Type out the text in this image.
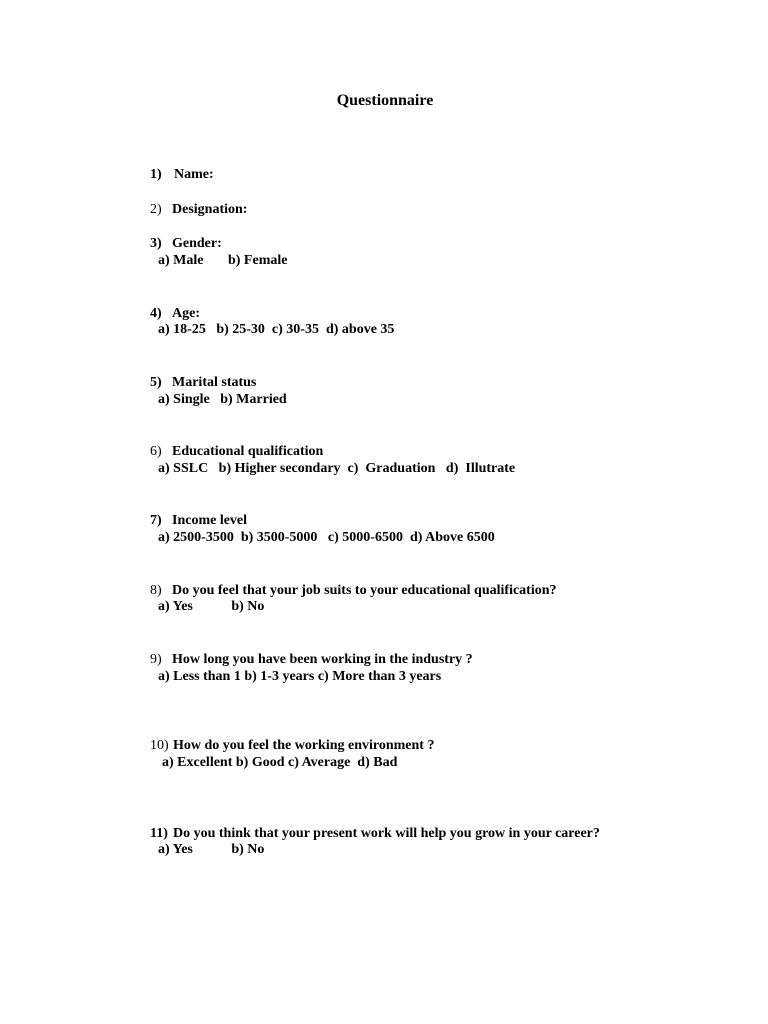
Questionnaire

1) Name:

2) Designation:

3) Gender:

a) Male       b) Female

4) Age:

a) 18-25   b) 25-30  c) 30-35  d) above 35

5) Marital status

a) Single   b) Married

6) Educational qualification

a) SSLC   b) Higher secondary  c)  Graduation   d)  Illutrate

7) Income level

a) 2500-3500  b) 3500-5000   c) 5000-6500  d) Above 6500

8) Do you feel that your job suits to your educational qualification?

a) Yes           b) No

9) How long you have been working in the industry ?

a) Less than 1 b) 1-3 years c) More than 3 years

10) How do you feel the working environment ?

a) Excellent b) Good c) Average  d) Bad

11) Do you think that your present work will help you grow in your career?

a) Yes           b) No
